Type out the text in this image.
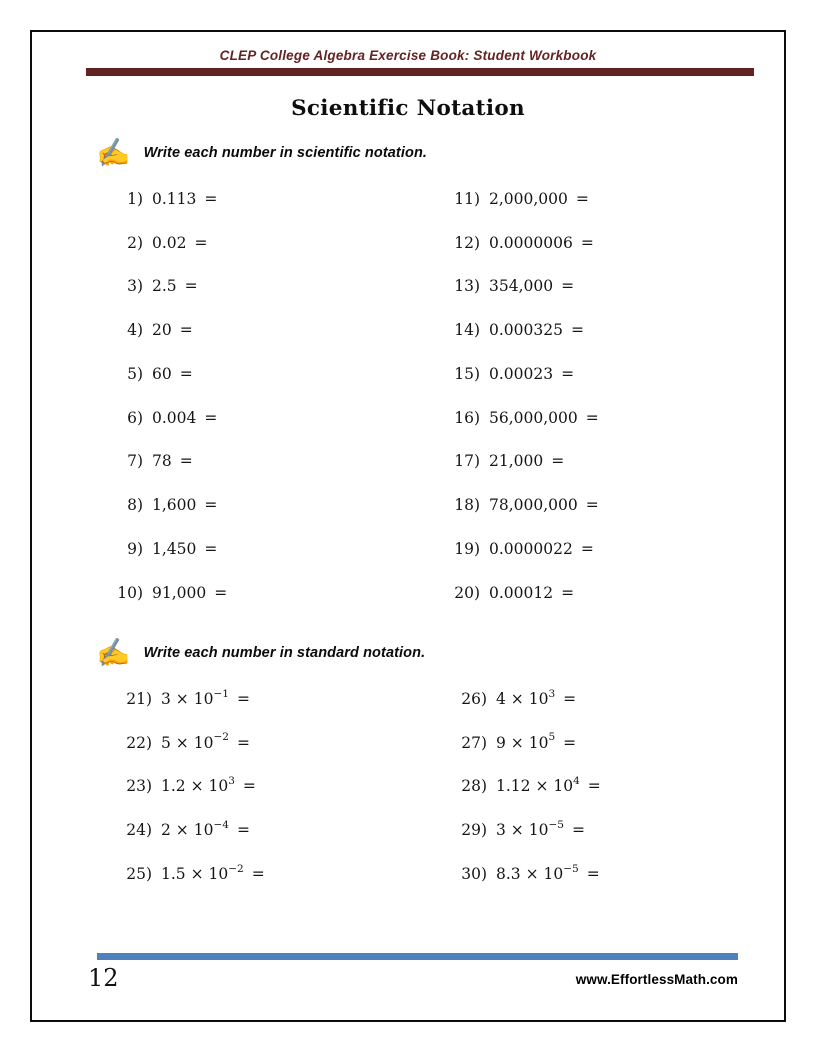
CLEP College Algebra Exercise Book: Student Workbook
Scientific Notation
✍ Write each number in scientific notation.
1) 0.113 =
2) 0.02 =
3) 2.5 =
4) 20 =
5) 60 =
6) 0.004 =
7) 78 =
8) 1,600 =
9) 1,450 =
10) 91,000 =
11) 2,000,000 =
12) 0.0000006 =
13) 354,000 =
14) 0.000325 =
15) 0.00023 =
16) 56,000,000 =
17) 21,000 =
18) 78,000,000 =
19) 0.0000022 =
20) 0.00012 =
✍ Write each number in standard notation.
21) $3 \times 10^{-1}$ =
22) $5 \times 10^{-2}$ =
23) $1.2 \times 10^3$ =
24) $2 \times 10^{-4}$ =
25) $1.5 \times 10^{-2}$ =
26) $4 \times 10^3$ =
27) $9 \times 10^5$ =
28) $1.12 \times 10^4$ =
29) $3 \times 10^{-5}$ =
30) $8.3 \times 10^{-5}$ =
12	www.EffortlessMath.com
